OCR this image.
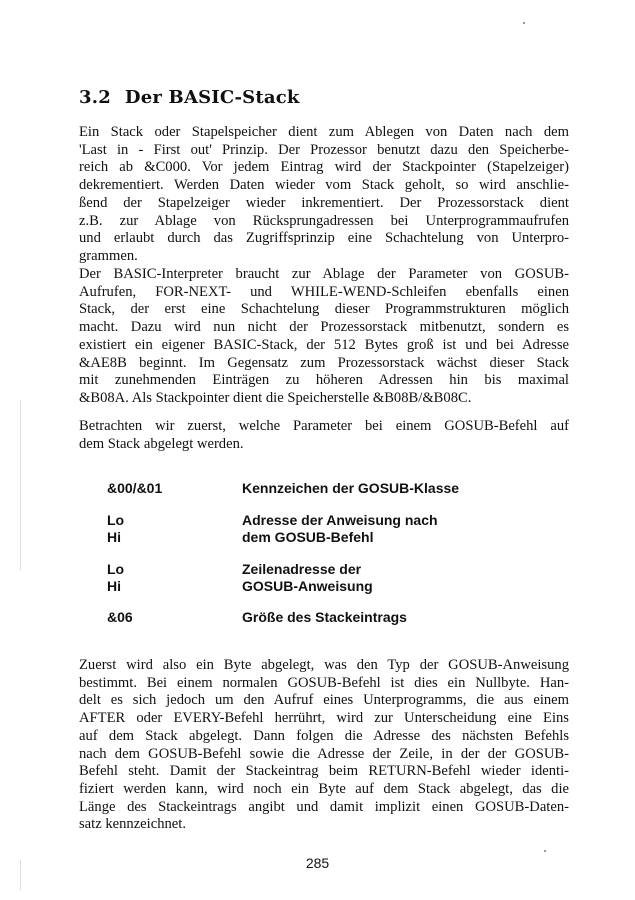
3.2 Der BASIC-Stack
Ein Stack oder Stapelspeicher dient zum Ablegen von Daten nach dem
'Last in - First out' Prinzip. Der Prozessor benutzt dazu den Speicherbe-
reich ab &C000. Vor jedem Eintrag wird der Stackpointer (Stapelzeiger)
dekrementiert. Werden Daten wieder vom Stack geholt, so wird anschlie-
ßend der Stapelzeiger wieder inkrementiert. Der Prozessorstack dient
z.B. zur Ablage von Rücksprungadressen bei Unterprogrammaufrufen
und erlaubt durch das Zugriffsprinzip eine Schachtelung von Unterpro-
grammen.
Der BASIC-Interpreter braucht zur Ablage der Parameter von GOSUB-
Aufrufen, FOR-NEXT- und WHILE-WEND-Schleifen ebenfalls einen
Stack, der erst eine Schachtelung dieser Programmstrukturen möglich
macht. Dazu wird nun nicht der Prozessorstack mitbenutzt, sondern es
existiert ein eigener BASIC-Stack, der 512 Bytes groß ist und bei Adresse
&AE8B beginnt. Im Gegensatz zum Prozessorstack wächst dieser Stack
mit zunehmenden Einträgen zu höheren Adressen hin bis maximal
&B08A. Als Stackpointer dient die Speicherstelle &B08B/&B08C.
Betrachten wir zuerst, welche Parameter bei einem GOSUB-Befehl auf
dem Stack abgelegt werden.
&00/&01	Kennzeichen der GOSUB-Klasse
Lo
Hi
Adresse der Anweisung nach
dem GOSUB-Befehl
Lo
Hi
Zeilenadresse der
GOSUB-Anweisung
&06	Größe des Stackeintrags
Zuerst wird also ein Byte abgelegt, was den Typ der GOSUB-Anweisung
bestimmt. Bei einem normalen GOSUB-Befehl ist dies ein Nullbyte. Han-
delt es sich jedoch um den Aufruf eines Unterprogramms, die aus einem
AFTER oder EVERY-Befehl herrührt, wird zur Unterscheidung eine Eins
auf dem Stack abgelegt. Dann folgen die Adresse des nächsten Befehls
nach dem GOSUB-Befehl sowie die Adresse der Zeile, in der der GOSUB-
Befehl steht. Damit der Stackeintrag beim RETURN-Befehl wieder identi-
fiziert werden kann, wird noch ein Byte auf dem Stack abgelegt, das die
Länge des Stackeintrags angibt und damit implizit einen GOSUB-Daten-
satz kennzeichnet.
285
